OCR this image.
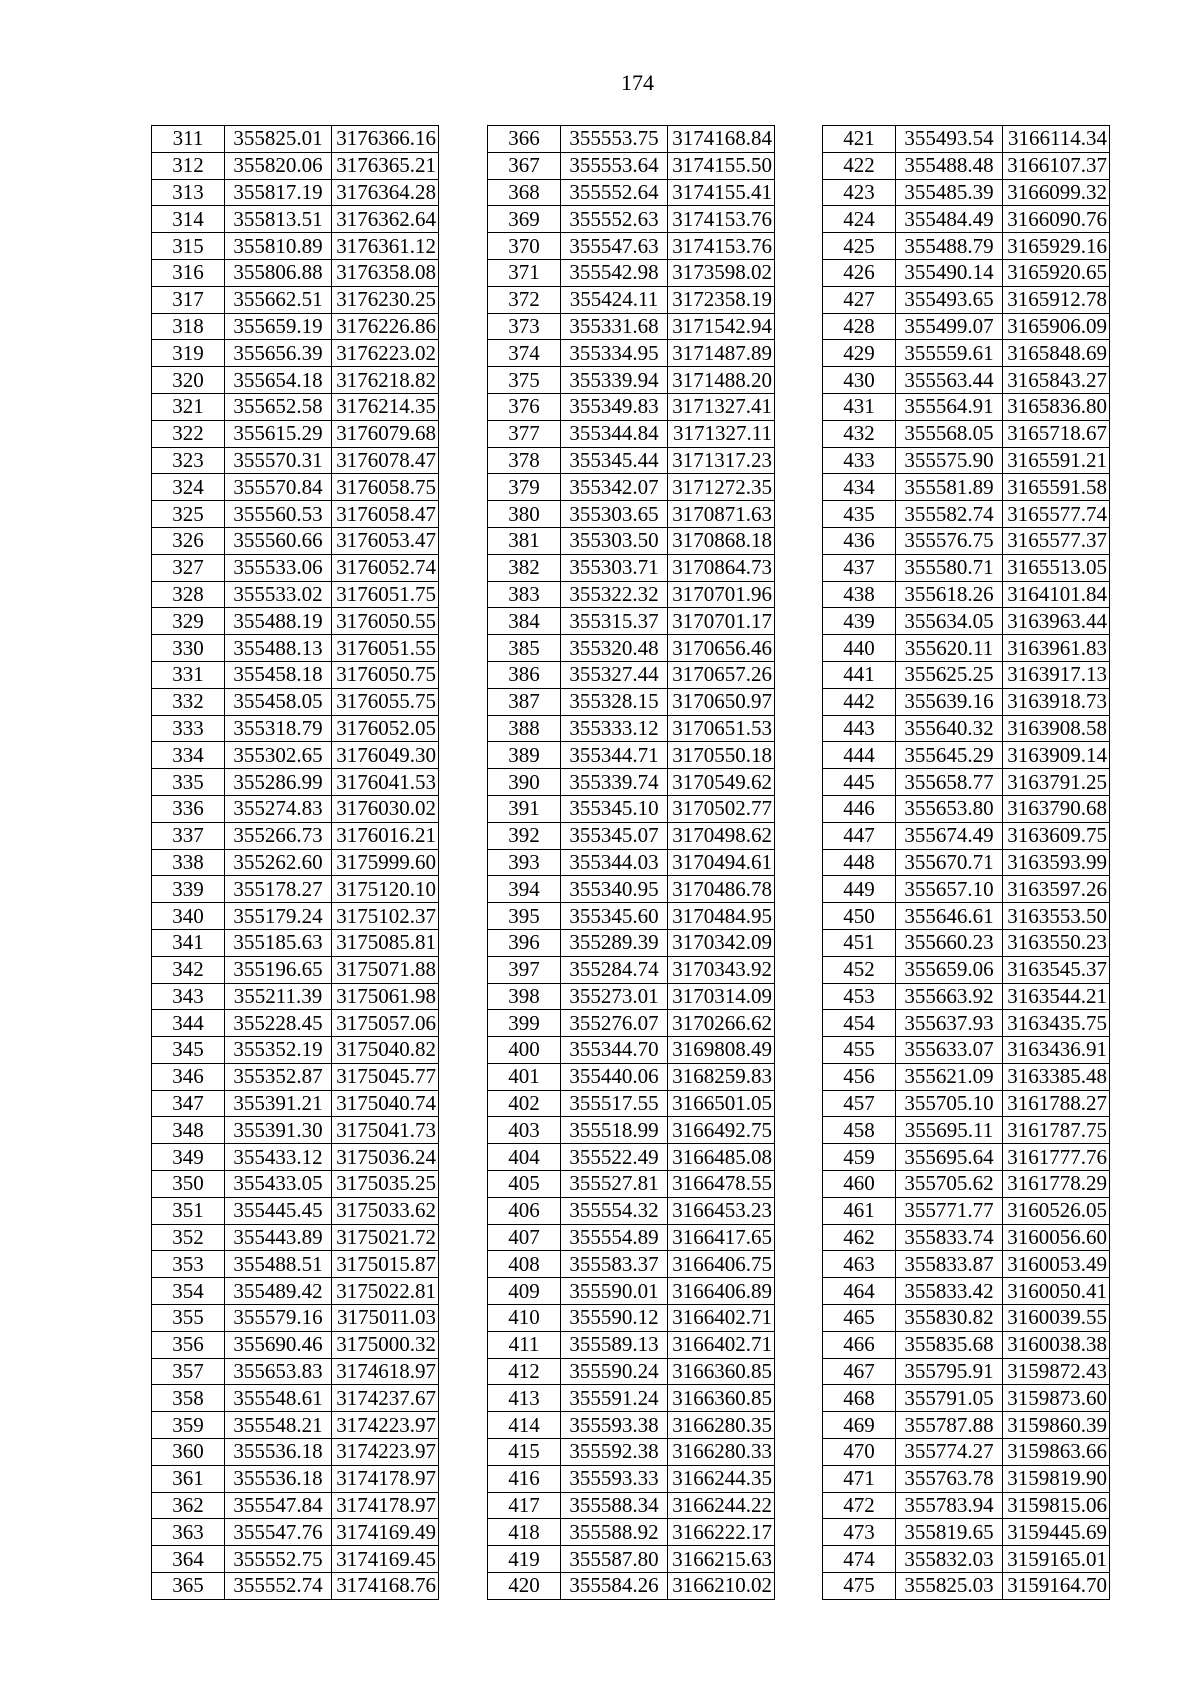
174
311	355825.01	3176366.16
312	355820.06	3176365.21
313	355817.19	3176364.28
314	355813.51	3176362.64
315	355810.89	3176361.12
316	355806.88	3176358.08
317	355662.51	3176230.25
318	355659.19	3176226.86
319	355656.39	3176223.02
320	355654.18	3176218.82
321	355652.58	3176214.35
322	355615.29	3176079.68
323	355570.31	3176078.47
324	355570.84	3176058.75
325	355560.53	3176058.47
326	355560.66	3176053.47
327	355533.06	3176052.74
328	355533.02	3176051.75
329	355488.19	3176050.55
330	355488.13	3176051.55
331	355458.18	3176050.75
332	355458.05	3176055.75
333	355318.79	3176052.05
334	355302.65	3176049.30
335	355286.99	3176041.53
336	355274.83	3176030.02
337	355266.73	3176016.21
338	355262.60	3175999.60
339	355178.27	3175120.10
340	355179.24	3175102.37
341	355185.63	3175085.81
342	355196.65	3175071.88
343	355211.39	3175061.98
344	355228.45	3175057.06
345	355352.19	3175040.82
346	355352.87	3175045.77
347	355391.21	3175040.74
348	355391.30	3175041.73
349	355433.12	3175036.24
350	355433.05	3175035.25
351	355445.45	3175033.62
352	355443.89	3175021.72
353	355488.51	3175015.87
354	355489.42	3175022.81
355	355579.16	3175011.03
356	355690.46	3175000.32
357	355653.83	3174618.97
358	355548.61	3174237.67
359	355548.21	3174223.97
360	355536.18	3174223.97
361	355536.18	3174178.97
362	355547.84	3174178.97
363	355547.76	3174169.49
364	355552.75	3174169.45
365	355552.74	3174168.76
366	355553.75	3174168.84
367	355553.64	3174155.50
368	355552.64	3174155.41
369	355552.63	3174153.76
370	355547.63	3174153.76
371	355542.98	3173598.02
372	355424.11	3172358.19
373	355331.68	3171542.94
374	355334.95	3171487.89
375	355339.94	3171488.20
376	355349.83	3171327.41
377	355344.84	3171327.11
378	355345.44	3171317.23
379	355342.07	3171272.35
380	355303.65	3170871.63
381	355303.50	3170868.18
382	355303.71	3170864.73
383	355322.32	3170701.96
384	355315.37	3170701.17
385	355320.48	3170656.46
386	355327.44	3170657.26
387	355328.15	3170650.97
388	355333.12	3170651.53
389	355344.71	3170550.18
390	355339.74	3170549.62
391	355345.10	3170502.77
392	355345.07	3170498.62
393	355344.03	3170494.61
394	355340.95	3170486.78
395	355345.60	3170484.95
396	355289.39	3170342.09
397	355284.74	3170343.92
398	355273.01	3170314.09
399	355276.07	3170266.62
400	355344.70	3169808.49
401	355440.06	3168259.83
402	355517.55	3166501.05
403	355518.99	3166492.75
404	355522.49	3166485.08
405	355527.81	3166478.55
406	355554.32	3166453.23
407	355554.89	3166417.65
408	355583.37	3166406.75
409	355590.01	3166406.89
410	355590.12	3166402.71
411	355589.13	3166402.71
412	355590.24	3166360.85
413	355591.24	3166360.85
414	355593.38	3166280.35
415	355592.38	3166280.33
416	355593.33	3166244.35
417	355588.34	3166244.22
418	355588.92	3166222.17
419	355587.80	3166215.63
420	355584.26	3166210.02
421	355493.54	3166114.34
422	355488.48	3166107.37
423	355485.39	3166099.32
424	355484.49	3166090.76
425	355488.79	3165929.16
426	355490.14	3165920.65
427	355493.65	3165912.78
428	355499.07	3165906.09
429	355559.61	3165848.69
430	355563.44	3165843.27
431	355564.91	3165836.80
432	355568.05	3165718.67
433	355575.90	3165591.21
434	355581.89	3165591.58
435	355582.74	3165577.74
436	355576.75	3165577.37
437	355580.71	3165513.05
438	355618.26	3164101.84
439	355634.05	3163963.44
440	355620.11	3163961.83
441	355625.25	3163917.13
442	355639.16	3163918.73
443	355640.32	3163908.58
444	355645.29	3163909.14
445	355658.77	3163791.25
446	355653.80	3163790.68
447	355674.49	3163609.75
448	355670.71	3163593.99
449	355657.10	3163597.26
450	355646.61	3163553.50
451	355660.23	3163550.23
452	355659.06	3163545.37
453	355663.92	3163544.21
454	355637.93	3163435.75
455	355633.07	3163436.91
456	355621.09	3163385.48
457	355705.10	3161788.27
458	355695.11	3161787.75
459	355695.64	3161777.76
460	355705.62	3161778.29
461	355771.77	3160526.05
462	355833.74	3160056.60
463	355833.87	3160053.49
464	355833.42	3160050.41
465	355830.82	3160039.55
466	355835.68	3160038.38
467	355795.91	3159872.43
468	355791.05	3159873.60
469	355787.88	3159860.39
470	355774.27	3159863.66
471	355763.78	3159819.90
472	355783.94	3159815.06
473	355819.65	3159445.69
474	355832.03	3159165.01
475	355825.03	3159164.70
